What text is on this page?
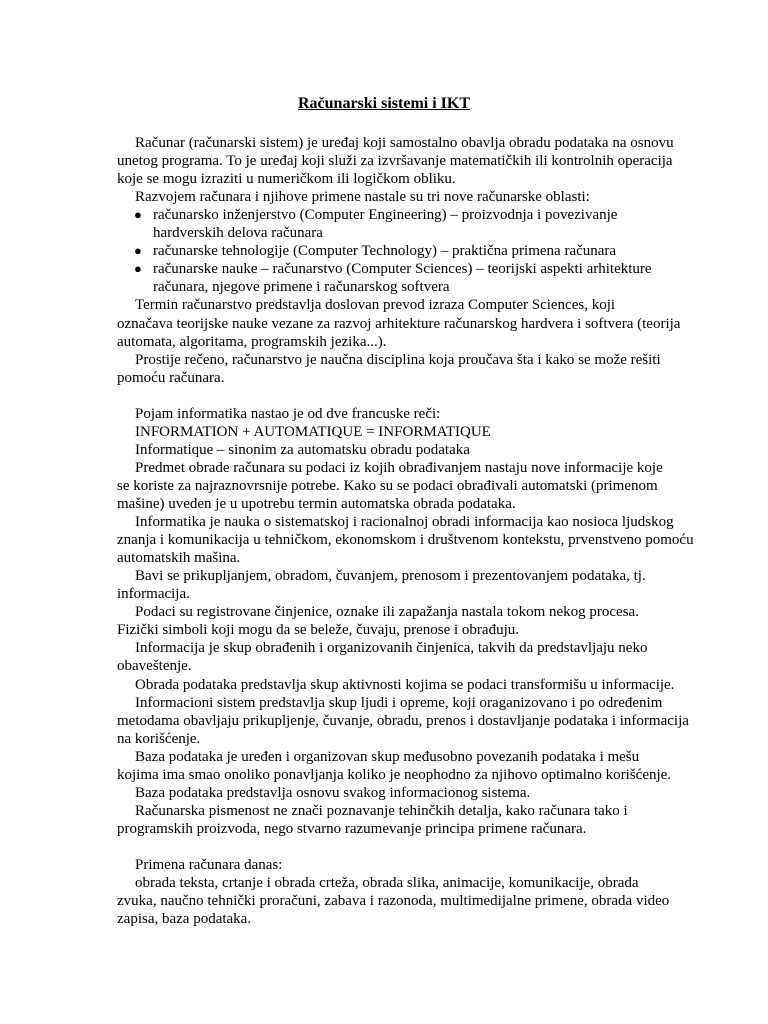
Računarski sistemi i IKT
Računar (računarski sistem) je uređaj koji samostalno obavlja obradu podataka na osnovu
unetog programa. To je uređaj koji služi za izvršavanje matematičkih ili kontrolnih operacija
koje se mogu izraziti u numeričkom ili logičkom obliku.
Razvojem računara i njihove primene nastale su tri nove računarske oblasti:
● računarsko inženjerstvo (Computer Engineering) – proizvodnja i povezivanje
hardverskih delova računara
● računarske tehnologije (Computer Technology) – praktična primena računara
● računarske nauke – računarstvo (Computer Sciences) – teorijski aspekti arhitekture
računara, njegove primene i računarskog softvera
Termin računarstvo predstavlja doslovan prevod izraza Computer Sciences, koji
označava teorijske nauke vezane za razvoj arhitekture računarskog hardvera i softvera (teorija
automata, algoritama, programskih jezika...).
Prostije rečeno, računarstvo je naučna disciplina koja proučava šta i kako se može rešiti
pomoću računara.
Pojam informatika nastao je od dve francuske reči:
INFORMATION + AUTOMATIQUE = INFORMATIQUE
Informatique – sinonim za automatsku obradu podataka
Predmet obrade računara su podaci iz kojih obrađivanjem nastaju nove informacije koje
se koriste za najraznovrsnije potrebe. Kako su se podaci obrađivali automatski (primenom
mašine) uveden je u upotrebu termin automatska obrada podataka.
Informatika je nauka o sistematskoj i racionalnoj obradi informacija kao nosioca ljudskog
znanja i komunikacija u tehničkom, ekonomskom i društvenom kontekstu, prvenstveno pomoću
automatskih mašina.
Bavi se prikupljanjem, obradom, čuvanjem, prenosom i prezentovanjem podataka, tj.
informacija.
Podaci su registrovane činjenice, oznake ili zapažanja nastala tokom nekog procesa.
Fizički simboli koji mogu da se beleže, čuvaju, prenose i obrađuju.
Informacija je skup obrađenih i organizovanih činjenica, takvih da predstavljaju neko
obaveštenje.
Obrada podataka predstavlja skup aktivnosti kojima se podaci transformišu u informacije.
Informacioni sistem predstavlja skup ljudi i opreme, koji oraganizovano i po određenim
metodama obavljaju prikupljenje, čuvanje, obradu, prenos i dostavljanje podataka i informacija
na korišćenje.
Baza podataka je uređen i organizovan skup međusobno povezanih podataka i mešu
kojima ima smao onoliko ponavljanja koliko je neophodno za njihovo optimalno korišćenje.
Baza podataka predstavlja osnovu svakog informacionog sistema.
Računarska pismenost ne znači poznavanje tehinčkih detalja, kako računara tako i
programskih proizvoda, nego stvarno razumevanje principa primene računara.
Primena računara danas:
obrada teksta, crtanje i obrada crteža, obrada slika, animacije, komunikacije, obrada
zvuka, naučno tehnički proračuni, zabava i razonoda, multimedijalne primene, obrada video
zapisa, baza podataka.
